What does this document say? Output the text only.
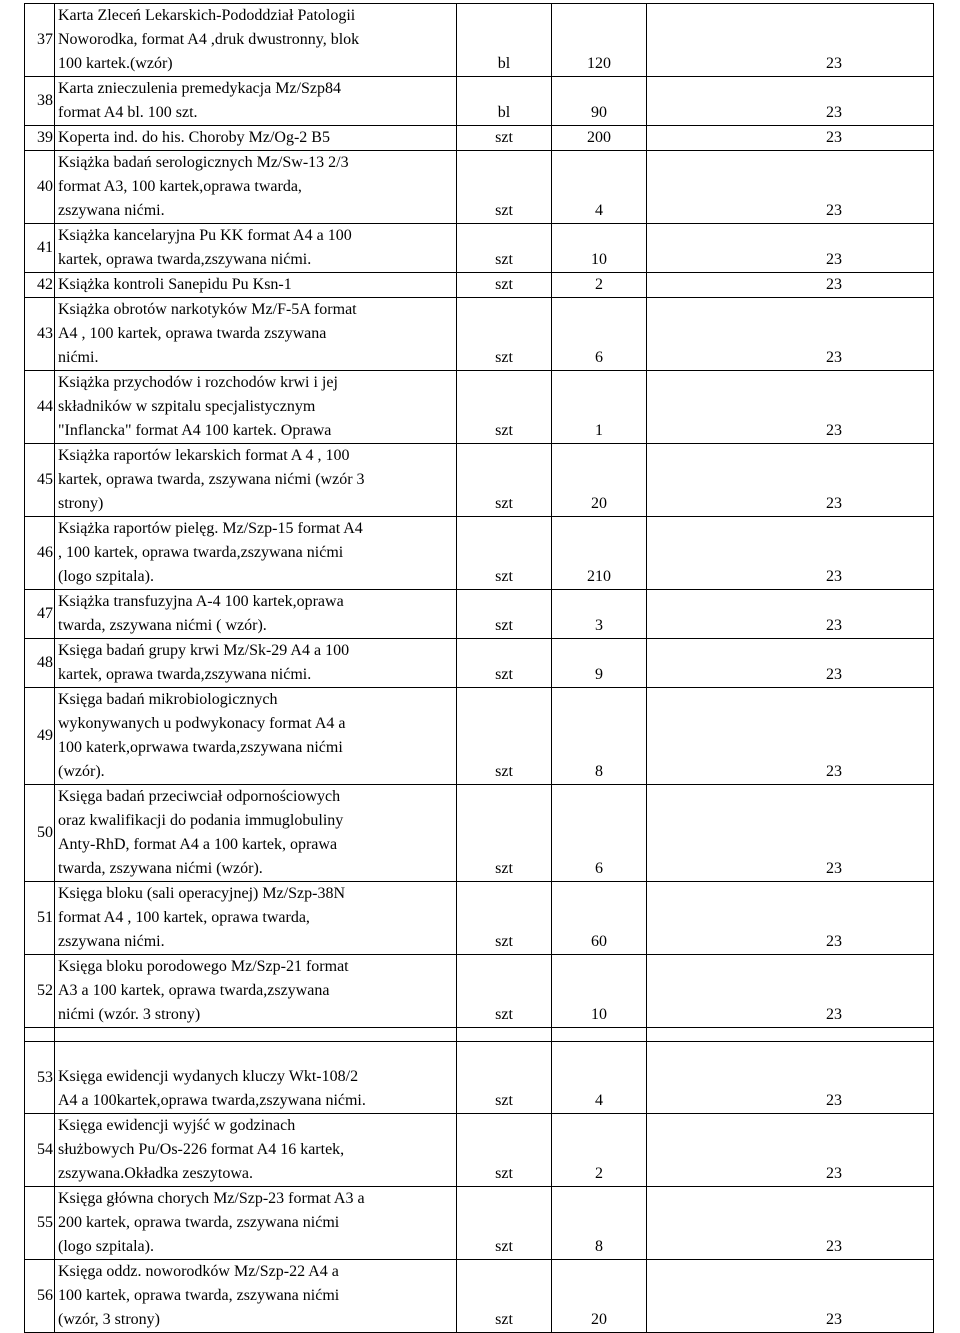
37	Karta Zleceń Lekarskich-Pododdział Patologii
Noworodka, format A4 ,druk dwustronny, blok
100 kartek.(wzór)	bl	120	23
38	Karta znieczulenia premedykacja Mz/Szp84
format A4 bl. 100 szt.	bl	90	23
39	Koperta ind. do his. Choroby Mz/Og-2 B5	szt	200	23
40	Książka badań serologicznych Mz/Sw-13 2/3
format A3, 100 kartek,oprawa twarda,
zszywana nićmi.	szt	4	23
41	Książka kancelaryjna Pu KK format A4 a 100
kartek, oprawa twarda,zszywana nićmi.	szt	10	23
42	Książka kontroli Sanepidu Pu Ksn-1	szt	2	23
43	Książka obrotów narkotyków Mz/F-5A format
A4 , 100 kartek, oprawa twarda zszywana
nićmi.	szt	6	23
44	Książka przychodów i rozchodów krwi i jej
składników w szpitalu specjalistycznym
"Inflancka" format A4 100 kartek. Oprawa	szt	1	23
45	Książka raportów lekarskich format A 4 , 100
kartek, oprawa twarda, zszywana nićmi (wzór 3
strony)	szt	20	23
46	Książka raportów pielęg. Mz/Szp-15 format A4
, 100 kartek, oprawa twarda,zszywana nićmi
(logo szpitala).	szt	210	23
47	Książka transfuzyjna A-4 100 kartek,oprawa
twarda, zszywana nićmi ( wzór).	szt	3	23
48	Księga badań grupy krwi Mz/Sk-29 A4 a 100
kartek, oprawa twarda,zszywana nićmi.	szt	9	23
49	Księga badań mikrobiologicznych
wykonywanych u podwykonacy format A4 a
100 katerk,oprwawa twarda,zszywana nićmi
(wzór).	szt	8	23
50	Księga badań przeciwciał odpornościowych
oraz kwalifikacji do podania immuglobuliny
Anty-RhD, format A4 a 100 kartek, oprawa
twarda, zszywana nićmi (wzór).	szt	6	23
51	Księga bloku (sali operacyjnej) Mz/Szp-38N
format A4 , 100 kartek, oprawa twarda,
zszywana nićmi.	szt	60	23
52	Księga bloku porodowego Mz/Szp-21 format
A3 a 100 kartek, oprawa twarda,zszywana
nićmi (wzór. 3 strony)	szt	10	23

53	Księga ewidencji wydanych kluczy Wkt-108/2
A4 a 100kartek,oprawa twarda,zszywana nićmi.	szt	4	23
54	Księga ewidencji wyjść w godzinach
służbowych Pu/Os-226 format A4 16 kartek,
zszywana.Okładka zeszytowa.	szt	2	23
55	Księga główna chorych Mz/Szp-23 format A3 a
200 kartek, oprawa twarda, zszywana nićmi
(logo szpitala).	szt	8	23
56	Księga oddz. noworodków Mz/Szp-22 A4 a
100 kartek, oprawa twarda, zszywana nićmi
(wzór, 3 strony)	szt	20	23
